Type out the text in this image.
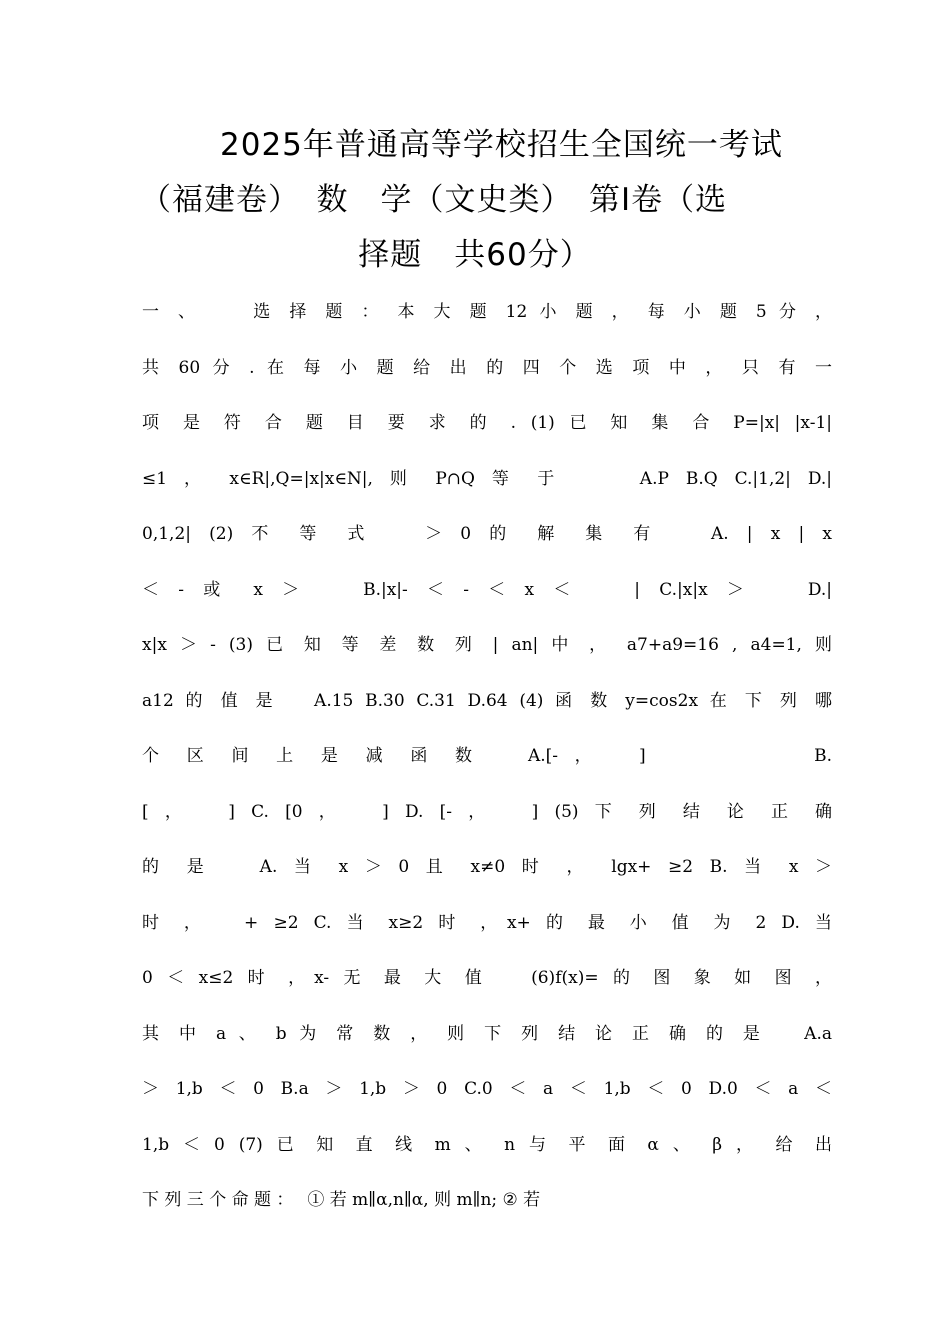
2025年普通高等学校招生全国统一考试
（福建卷）　数　学（文史类）　第Ⅰ卷（选
择题　共60分）
一 、　　 选 择 题 ： 本 大 题 12 小 题 ， 每 小 题 5 分 ，
共 60 分 . 在 每 小 题 给 出 的 四 个 选 项 中 ， 只 有 一
项 是 符 合 题 目 要 求 的 . (1) 已 知 集 合 P=|x| |x-1|
≤1 ， x∈R|,Q=|x|x∈N|, 则 P∩Q 等 于　　 A.P B.Q C.|1,2| D.|
0,1,2| (2) 不 等 式　 ＞ 0 的 解 集 有　 A. | x | x
＜ - 或 x ＞　 B.|x|- ＜ - ＜ x ＜　 | C.|x|x ＞　 D.|
x|x ＞ - (3) 已 知 等 差 数 列 | an| 中 ， a7+a9=16 , a4=1, 则
a12 的 值 是　 A.15 B.30 C.31 D.64 (4) 函 数 y=cos2x 在 下 列 哪
个 区 间 上 是 减 函 数　 A.[- ，　 ]　　　　　 B.
[ ，　 ] C. [0 ，　 ] D. [- ，　 ] (5) 下 列 结 论 正 确
的 是　 A. 当 x ＞ 0 且 x≠0 时 ， lgx+ ≥2 B. 当 x ＞
时 ，　 + ≥2 C. 当 x≥2 时 ，x+ 的 最 小 值 为 2 D. 当
0 ＜ x≤2 时 ，x- 无 最 大 值　 (6)f(x)= 的 图 象 如 图 ，
其 中 a 、 b 为 常 数 ， 则 下 列 结 论 正 确 的 是　 A.a
＞ 1,b ＜ 0 B.a ＞ 1,b ＞ 0 C.0 ＜ a ＜ 1,b ＜ 0 D.0 ＜ a ＜
1,b ＜ 0 (7) 已 知 直 线 m 、 n 与 平 面 α 、 β ， 给 出
下 列 三 个 命 题 ：　 ① 若 m∥α,n∥α, 则 m∥n; ② 若
